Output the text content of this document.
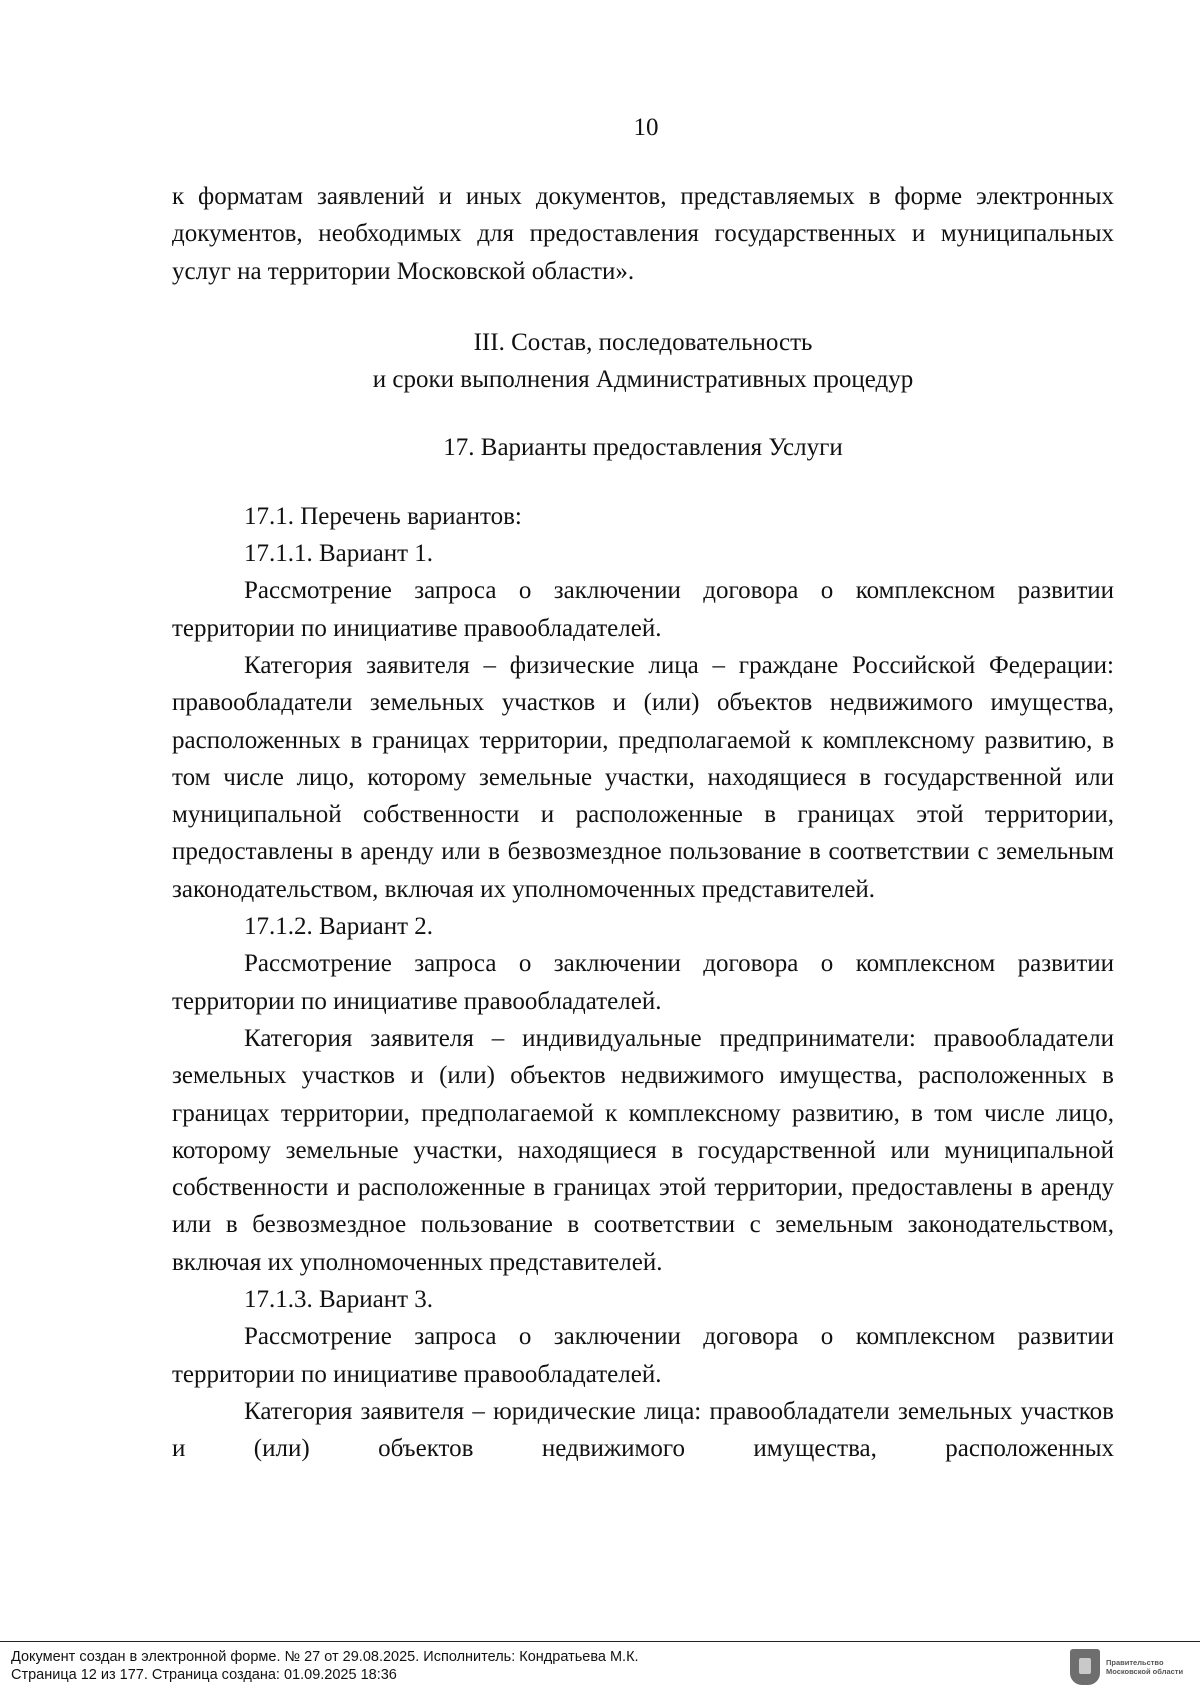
10

к форматам заявлений и иных документов, представляемых в форме электронных документов, необходимых для предоставления государственных и муниципальных услуг на территории Московской области».

III. Состав, последовательность

и сроки выполнения Административных процедур

17. Варианты предоставления Услуги

17.1. Перечень вариантов:

17.1.1. Вариант 1.

Рассмотрение запроса о заключении договора о комплексном развитии территории по инициативе правообладателей.

Категория заявителя – физические лица – граждане Российской Федерации: правообладатели земельных участков и (или) объектов недвижимого имущества, расположенных в границах территории, предполагаемой к комплексному развитию, в том числе лицо, которому земельные участки, находящиеся в государственной или муниципальной собственности и расположенные в границах этой территории, предоставлены в аренду или в безвозмездное пользование в соответствии с земельным законодательством, включая их уполномоченных представителей.

17.1.2. Вариант 2.

Рассмотрение запроса о заключении договора о комплексном развитии территории по инициативе правообладателей.

Категория заявителя – индивидуальные предприниматели: правообладатели земельных участков и (или) объектов недвижимого имущества, расположенных в границах территории, предполагаемой к комплексному развитию, в том числе лицо, которому земельные участки, находящиеся в государственной или муниципальной собственности и расположенные в границах этой территории, предоставлены в аренду или в безвозмездное пользование в соответствии с земельным законодательством, включая их уполномоченных представителей.

17.1.3. Вариант 3.

Рассмотрение запроса о заключении договора о комплексном развитии территории по инициативе правообладателей.

Категория заявителя – юридические лица: правообладатели земельных участков и (или) объектов недвижимого имущества, расположенных

Документ создан в электронной форме. № 27 от 29.08.2025. Исполнитель: Кондратьева М.К.
Страница 12 из 177. Страница создана: 01.09.2025 18:36
Правительство
Московской области
